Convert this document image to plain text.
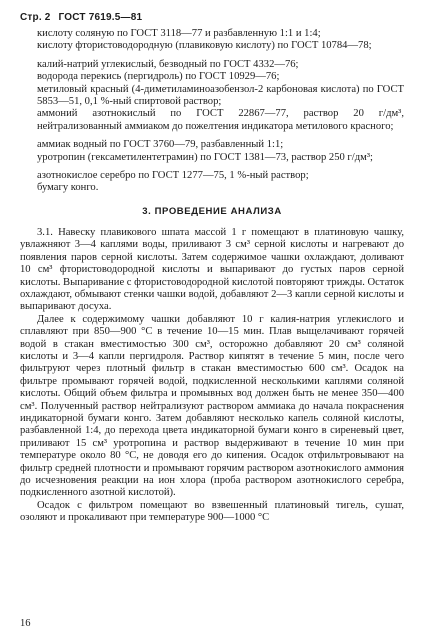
Стр. 2 ГОСТ 7619.5—81

кислоту соляную по ГОСТ 3118—77 и разбавленную 1:1 и 1:4;

кислоту фтористоводородную (плавиковую кислоту) по ГОСТ 10784—78;

калий-натрий углекислый, безводный по ГОСТ 4332—76;

водорода перекись (пергидроль) по ГОСТ 10929—76;

метиловый красный (4-диметиламиноазобензол-2 карбоновая кислота) по ГОСТ 5853—51, 0,1 %-ный спиртовой раствор;

аммоний азотнокислый по ГОСТ 22867—77, раствор 20 г/дм³, нейтрализованный аммиаком до пожелтения индикатора метилового красного;

аммиак водный по ГОСТ 3760—79, разбавленный 1:1;

уротропин (гексаметилентетрамин) по ГОСТ 1381—73, раствор 250 г/дм³;

азотнокислое серебро по ГОСТ 1277—75, 1 %-ный раствор;

бумагу конго.

3. ПРОВЕДЕНИЕ АНАЛИЗА

3.1. Навеску плавикового шпата массой 1 г помещают в платиновую чашку, увлажняют 3—4 каплями воды, приливают 3 см³ серной кислоты и нагревают до появления паров серной кислоты. Затем содержимое чашки охлаждают, доливают 10 см³ фтористоводородной кислоты и выпаривают до густых паров серной кислоты. Выпаривание с фтористоводородной кислотой повторяют трижды. Остаток охлаждают, обмывают стенки чашки водой, добавляют 2—3 капли серной кислоты и выпаривают досуха.

Далее к содержимому чашки добавляют 10 г калия-натрия углекислого и сплавляют при 850—900 °С в течение 10—15 мин. Плав выщелачивают горячей водой в стакан вместимостью 300 см³, осторожно добавляют 20 см³ соляной кислоты и 3—4 капли пергидроля. Раствор кипятят в течение 5 мин, после чего фильтруют через плотный фильтр в стакан вместимостью 600 см³. Осадок на фильтре промывают горячей водой, подкисленной несколькими каплями соляной кислоты. Общий объем фильтра и промывных вод должен быть не менее 350—400 см³. Полученный раствор нейтрализуют раствором аммиака до начала покраснения индикаторной бумаги конго. Затем добавляют несколько капель соляной кислоты, разбавленной 1:4, до перехода цвета индикаторной бумаги конго в сиреневый цвет, приливают 15 см³ уротропина и раствор выдерживают в течение 10 мин при температуре около 80 °С, не доводя его до кипения. Осадок отфильтровывают на фильтр средней плотности и промывают горячим раствором азотнокислого аммония до исчезновения реакции на ион хлора (проба раствором азотнокислого серебра, подкисленного азотной кислотой).

Осадок с фильтром помещают во взвешенный платиновый тигель, сушат, озоляют и прокаливают при температуре 900—1000 °С

16
